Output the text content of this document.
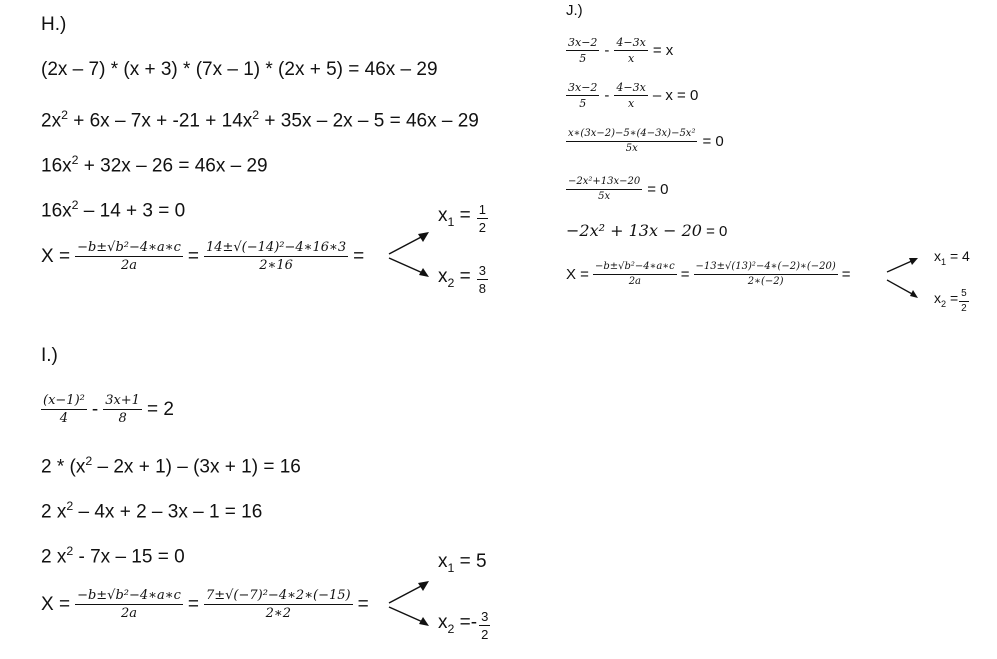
H.)
(2x – 7) * (x + 3) * (7x – 1) * (2x + 5) = 46x – 29
$2x^2 + 6x - 7x + -21 + 14x^2 + 35x - 2x - 5 = 46x - 29$
$16x^2 + 32x - 26 = 46x - 29$
$16x^2 - 14 + 3 = 0$
$X = \frac{\text{−b±√b²−4∗a∗c}}{2a} = \frac{\text{14±√(−14)²−4∗16∗3}}{2∗16}$ =
$x_1 = \frac{1}{2}$
$x_2 = \frac{3}{8}$
I.)
$\frac{\text{(x−1)²}}{4} - \frac{3x+1}{8} = 2$
$2 * (x^2 - 2x + 1) - (3x + 1) = 16$
2 $x^2 - 4x + 2 - 3x - 1 = 16$
2 $x^2 - 7x - 15 = 0$
$X = \frac{\text{−b±√b²−4∗a∗c}}{2a} = \frac{\text{7±√(−7)²−4∗2∗(−15)}}{2∗2}$ =
$x_1 = 5$
$x_2 =- \frac{3}{2}$
J.)
$\frac{3x-2}{5} - \frac{4-3x}{x} = x$
$\frac{3x-2}{5} - \frac{4-3x}{x} - x = 0$
$\frac{\text{x∗(3x−2)−5∗(4−3x)−5x²}}{5x} = 0$
$\frac{\text{−2x²+13x−20}}{5x} = 0$
−2x² + 13x − 20 = 0
$X = \frac{\text{−b±√b²−4∗a∗c}}{2a} = \frac{\text{−13±√(13)²−4∗(−2)∗(−20)}}{2∗(-2)}$ =
$x_1 = 4$
$x_2 = \frac{5}{2}$
